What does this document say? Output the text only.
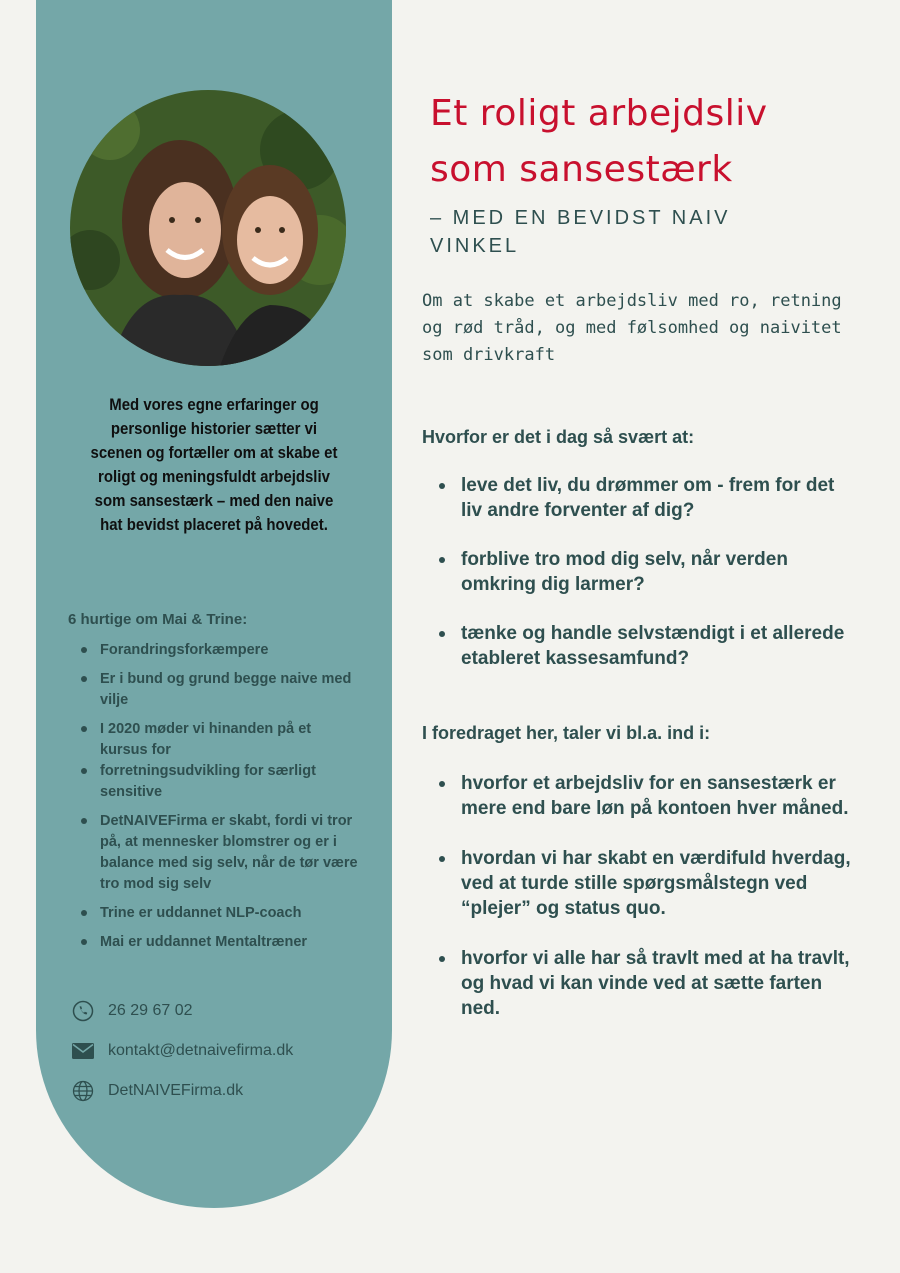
Med vores egne erfaringer og personlige historier sætter vi scenen og fortæller om at skabe et roligt og meningsfuldt arbejdsliv som sansestærk – med den naive hat bevidst placeret på hovedet.
6 hurtige om Mai & Trine:
Forandringsforkæmpere
Er i bund og grund begge naive med vilje
I 2020 møder vi hinanden på et kursus for
forretningsudvikling for særligt sensitive
DetNAIVEFirma er skabt, fordi vi tror på, at mennesker blomstrer og er i balance med sig selv, når de tør være tro mod sig selv
Trine er uddannet NLP-coach
Mai er uddannet Mentaltræner
26 29 67 02
kontakt@detnaivefirma.dk
DetNAIVEFirma.dk
Et roligt arbejdsliv
som sansestærk
– MED EN BEVIDST NAIV VINKEL
Om at skabe et arbejdsliv med ro, retning og rød tråd, og med følsomhed og naivitet som drivkraft
Hvorfor er det i dag så svært at:
leve det liv, du drømmer om - frem for det liv andre forventer af dig?
forblive tro mod dig selv, når verden omkring dig larmer?
tænke og handle selvstændigt i et allerede etableret kassesamfund?
I foredraget her, taler vi bl.a. ind i:
hvorfor et arbejdsliv for en sansestærk er mere end bare løn på kontoen hver måned.
hvordan vi har skabt en værdifuld hverdag, ved at turde stille spørgsmålstegn ved “plejer” og status quo.
hvorfor vi alle har så travlt med at ha travlt, og hvad vi kan vinde ved at sætte farten ned.
